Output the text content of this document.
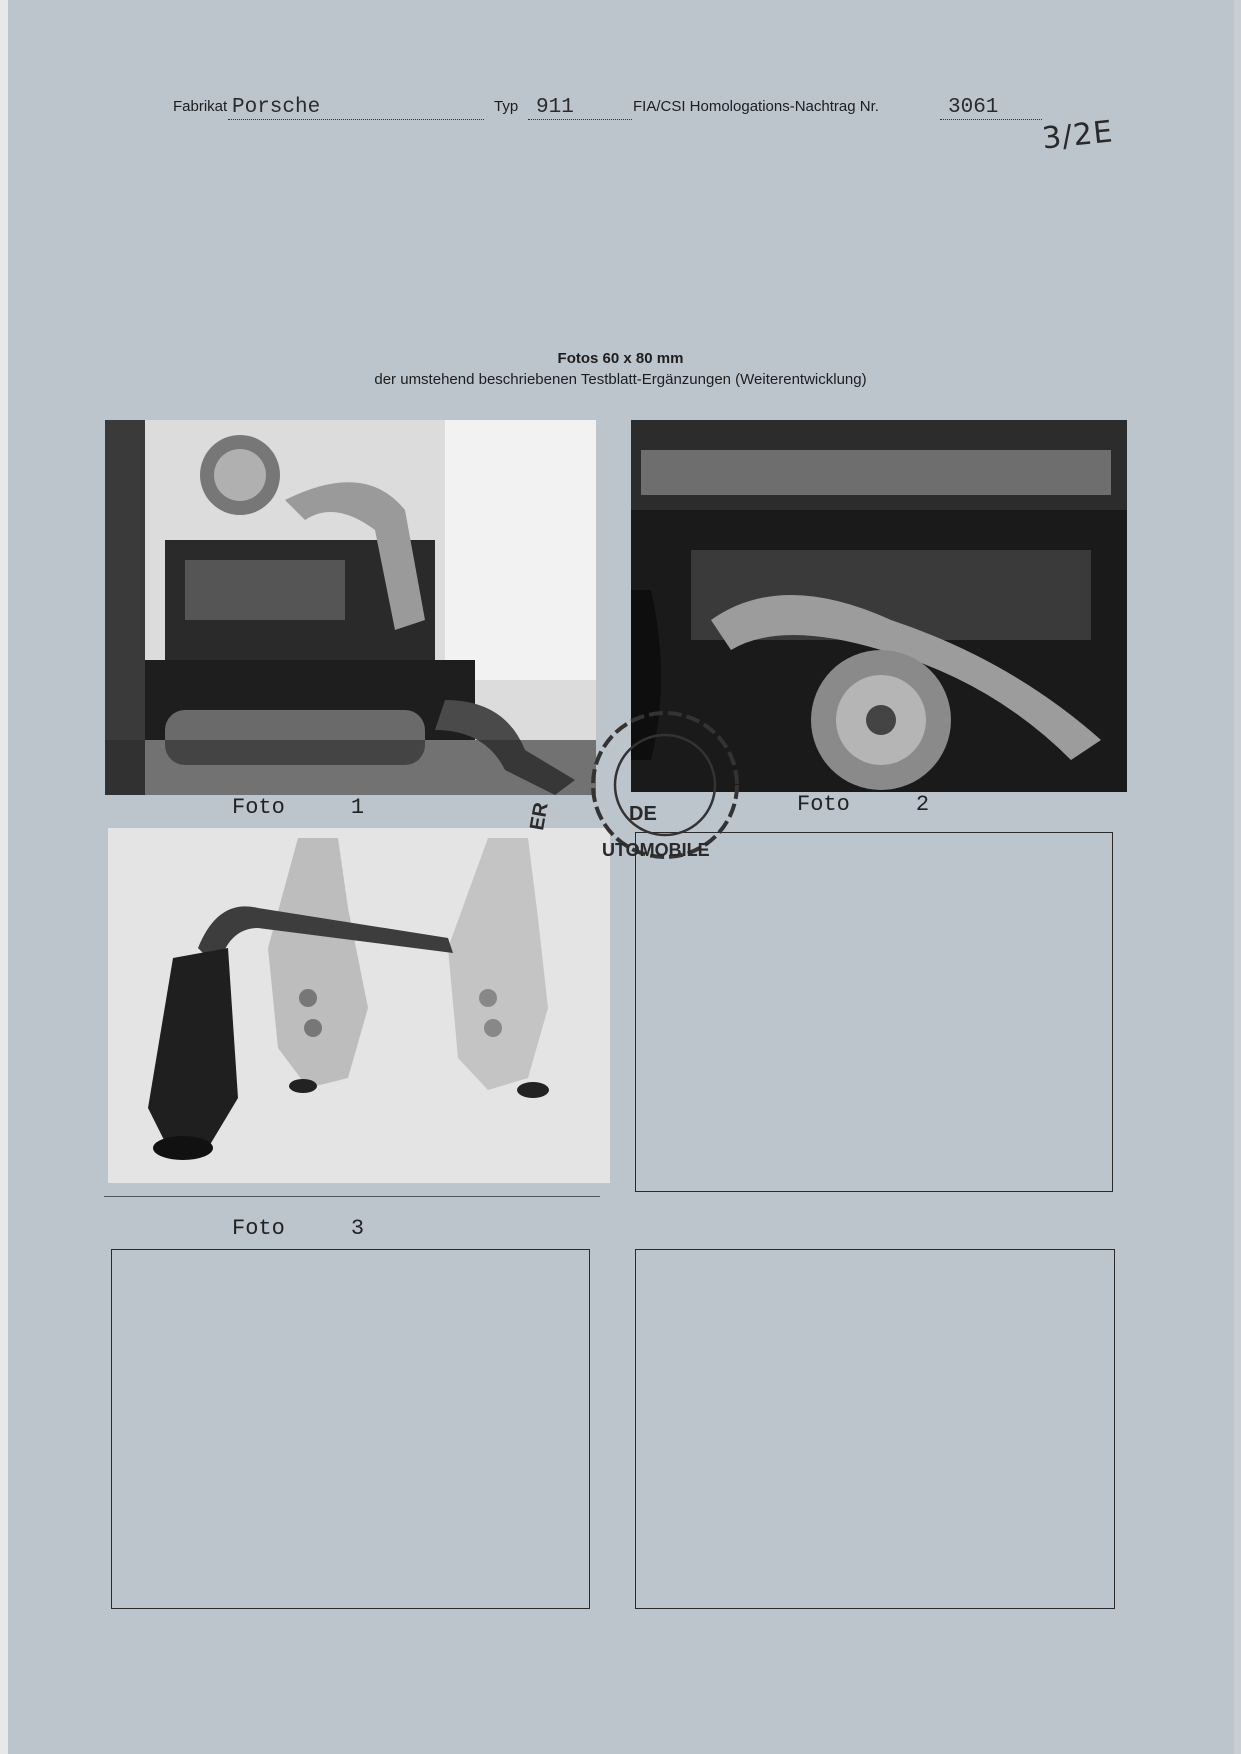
Fabrikat Porsche	Typ 911	FIA/CSI Homologations-Nachtrag Nr.	3061
3/2E
Fotos 60 x 80 mm
der umstehend beschriebenen Testblatt-Ergänzungen (Weiterentwicklung)
Foto     1	Foto     2
Foto     3
DE
UTOMOBILE
ER
